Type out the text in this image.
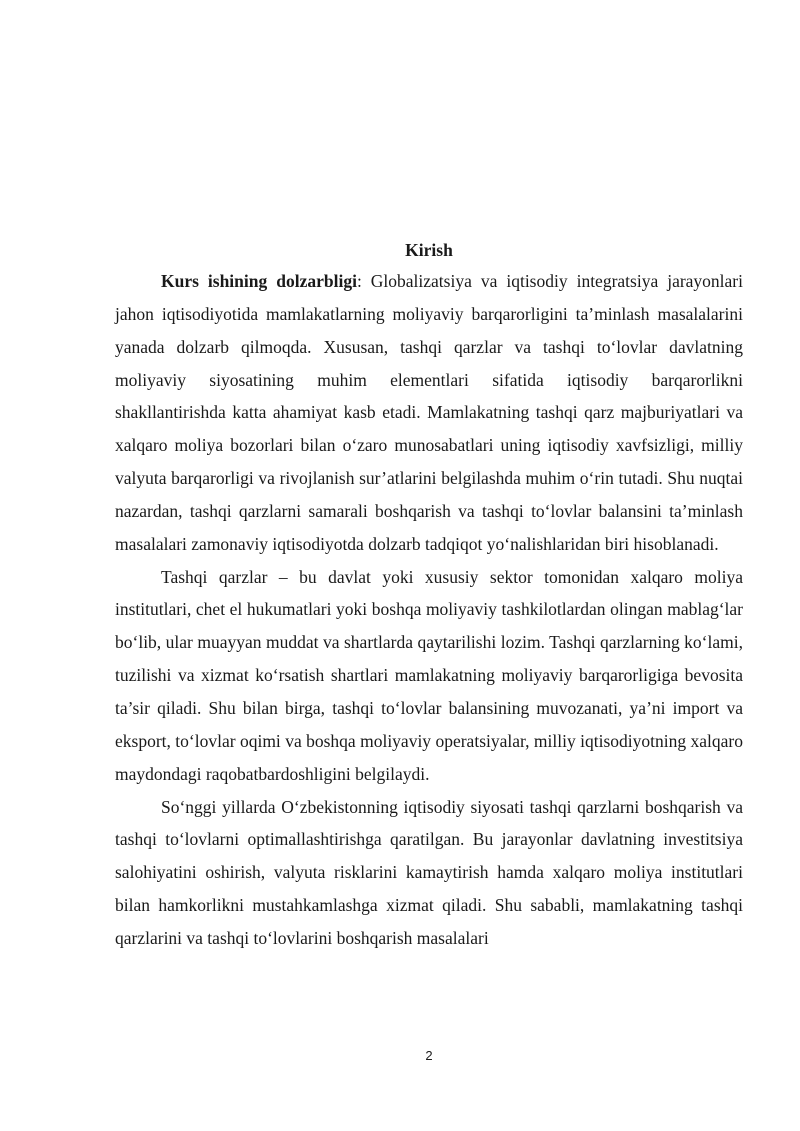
Kirish

Kurs ishining dolzarbligi: Globalizatsiya va iqtisodiy integratsiya jarayonlari jahon iqtisodiyotida mamlakatlarning moliyaviy barqarorligini ta’minlash masalalarini yanada dolzarb qilmoqda. Xususan, tashqi qarzlar va tashqi to‘lovlar davlatning moliyaviy siyosatining muhim elementlari sifatida iqtisodiy barqarorlikni shakllantirishda katta ahamiyat kasb etadi. Mamlakatning tashqi qarz majburiyatlari va xalqaro moliya bozorlari bilan o‘zaro munosabatlari uning iqtisodiy xavfsizligi, milliy valyuta barqarorligi va rivojlanish sur’atlarini belgilashda muhim o‘rin tutadi. Shu nuqtai nazardan, tashqi qarzlarni samarali boshqarish va tashqi to‘lovlar balansini ta’minlash masalalari zamonaviy iqtisodiyotda dolzarb tadqiqot yo‘nalishlaridan biri hisoblanadi.

Tashqi qarzlar – bu davlat yoki xususiy sektor tomonidan xalqaro moliya institutlari, chet el hukumatlari yoki boshqa moliyaviy tashkilotlardan olingan mablag‘lar bo‘lib, ular muayyan muddat va shartlarda qaytarilishi lozim. Tashqi qarzlarning ko‘lami, tuzilishi va xizmat ko‘rsatish shartlari mamlakatning moliyaviy barqarorligiga bevosita ta’sir qiladi. Shu bilan birga, tashqi to‘lovlar balansining muvozanati, ya’ni import va eksport, to‘lovlar oqimi va boshqa moliyaviy operatsiyalar, milliy iqtisodiyotning xalqaro maydondagi raqobatbardoshligini belgilaydi.

So‘nggi yillarda O‘zbekistonning iqtisodiy siyosati tashqi qarzlarni boshqarish va tashqi to‘lovlarni optimallashtirishga qaratilgan. Bu jarayonlar davlatning investitsiya salohiyatini oshirish, valyuta risklarini kamaytirish hamda xalqaro moliya institutlari bilan hamkorlikni mustahkamlashga xizmat qiladi. Shu sababli, mamlakatning tashqi qarzlarini va tashqi to‘lovlarini boshqarish masalalari

2
